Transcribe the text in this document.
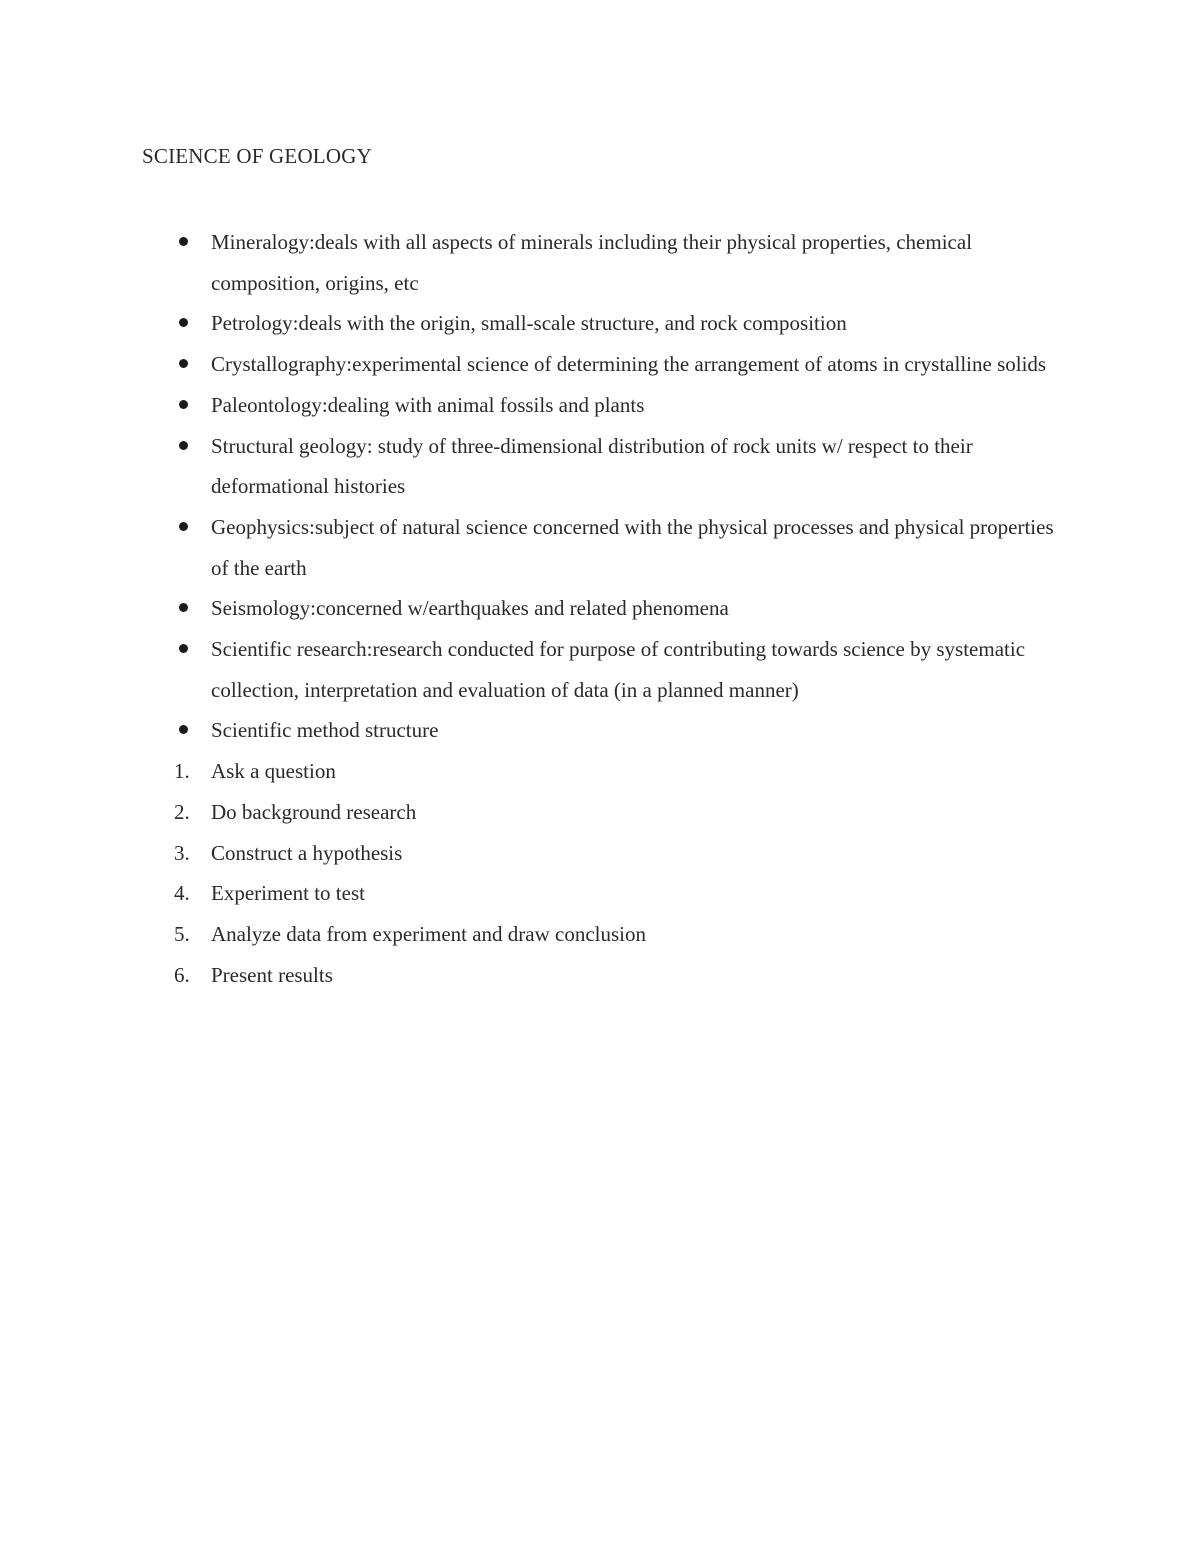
SCIENCE OF GEOLOGY
Mineralogy:deals with all aspects of minerals including their physical properties, chemical composition, origins, etc
Petrology:deals with the origin, small-scale structure, and rock composition
Crystallography:experimental science of determining the arrangement of atoms in crystalline solids
Paleontology:dealing with animal fossils and plants
Structural geology: study of three-dimensional distribution of rock units w/ respect to their deformational histories
Geophysics:subject of natural science concerned with the physical processes and physical properties of the earth
Seismology:concerned w/earthquakes and related phenomena
Scientific research:research conducted for purpose of contributing towards science by systematic collection, interpretation and evaluation of data (in a planned manner)
Scientific method structure
1.	Ask a question
2.	Do background research
3.	Construct a hypothesis
4.	Experiment to test
5.	Analyze data from experiment and draw conclusion
6.	Present results
